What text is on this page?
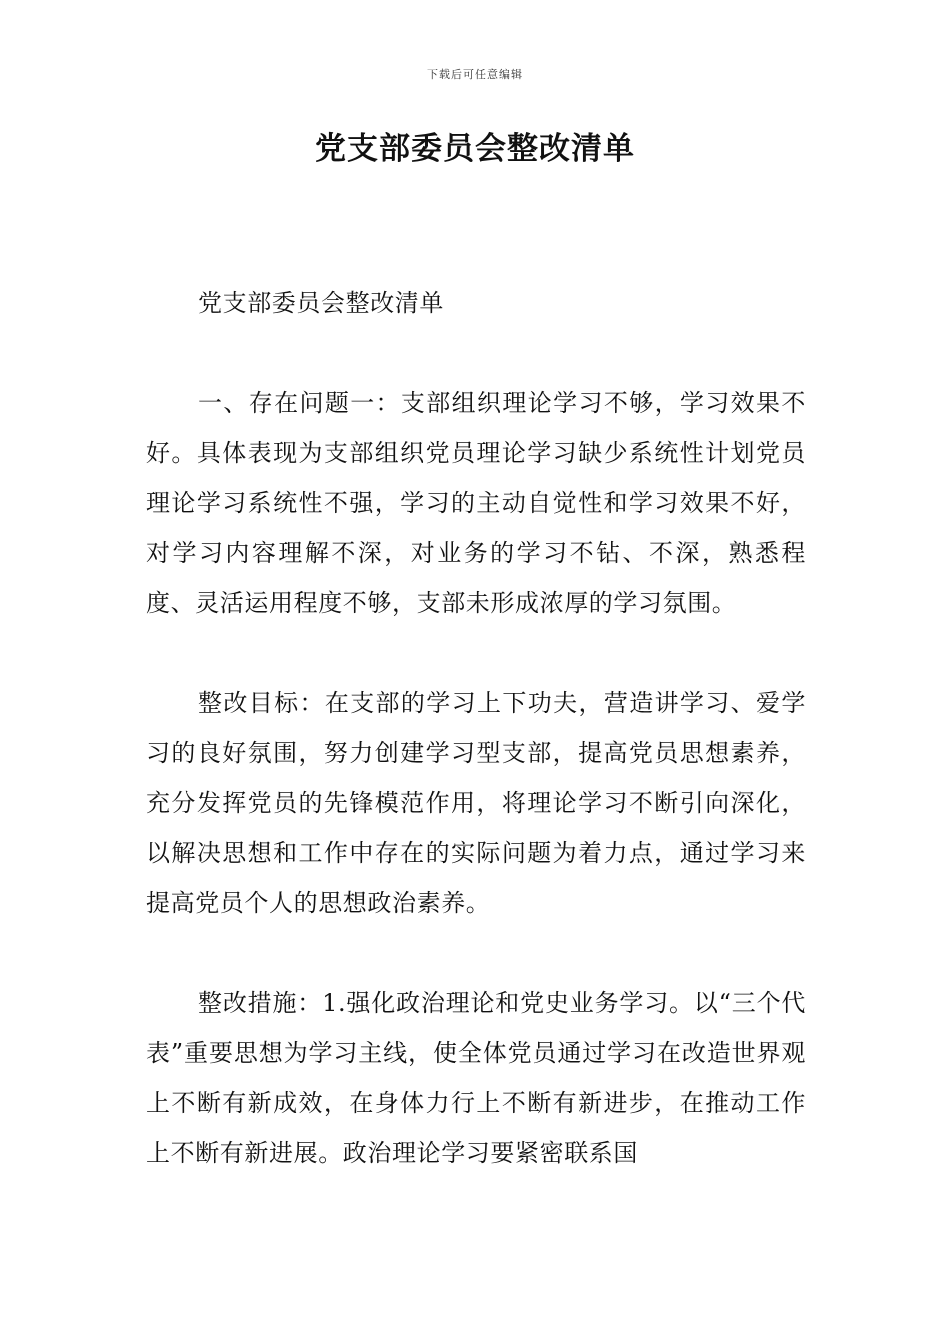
下载后可任意编辑
党支部委员会整改清单

党支部委员会整改清单

一、存在问题一：支部组织理论学习不够，学习效果不好。具体表现为支部组织党员理论学习缺少系统性计划党员理论学习系统性不强，学习的主动自觉性和学习效果不好，对学习内容理解不深，对业务的学习不钻、不深，熟悉程度、灵活运用程度不够，支部未形成浓厚的学习氛围。

整改目标：在支部的学习上下功夫，营造讲学习、爱学习的良好氛围，努力创建学习型支部，提高党员思想素养，充分发挥党员的先锋模范作用，将理论学习不断引向深化，以解决思想和工作中存在的实际问题为着力点，通过学习来提高党员个人的思想政治素养。

整改措施：1.强化政治理论和党史业务学习。以“三个代表”重要思想为学习主线，使全体党员通过学习在改造世界观上不断有新成效，在身体力行上不断有新进步，在推动工作上不断有新进展。政治理论学习要紧密联系国
